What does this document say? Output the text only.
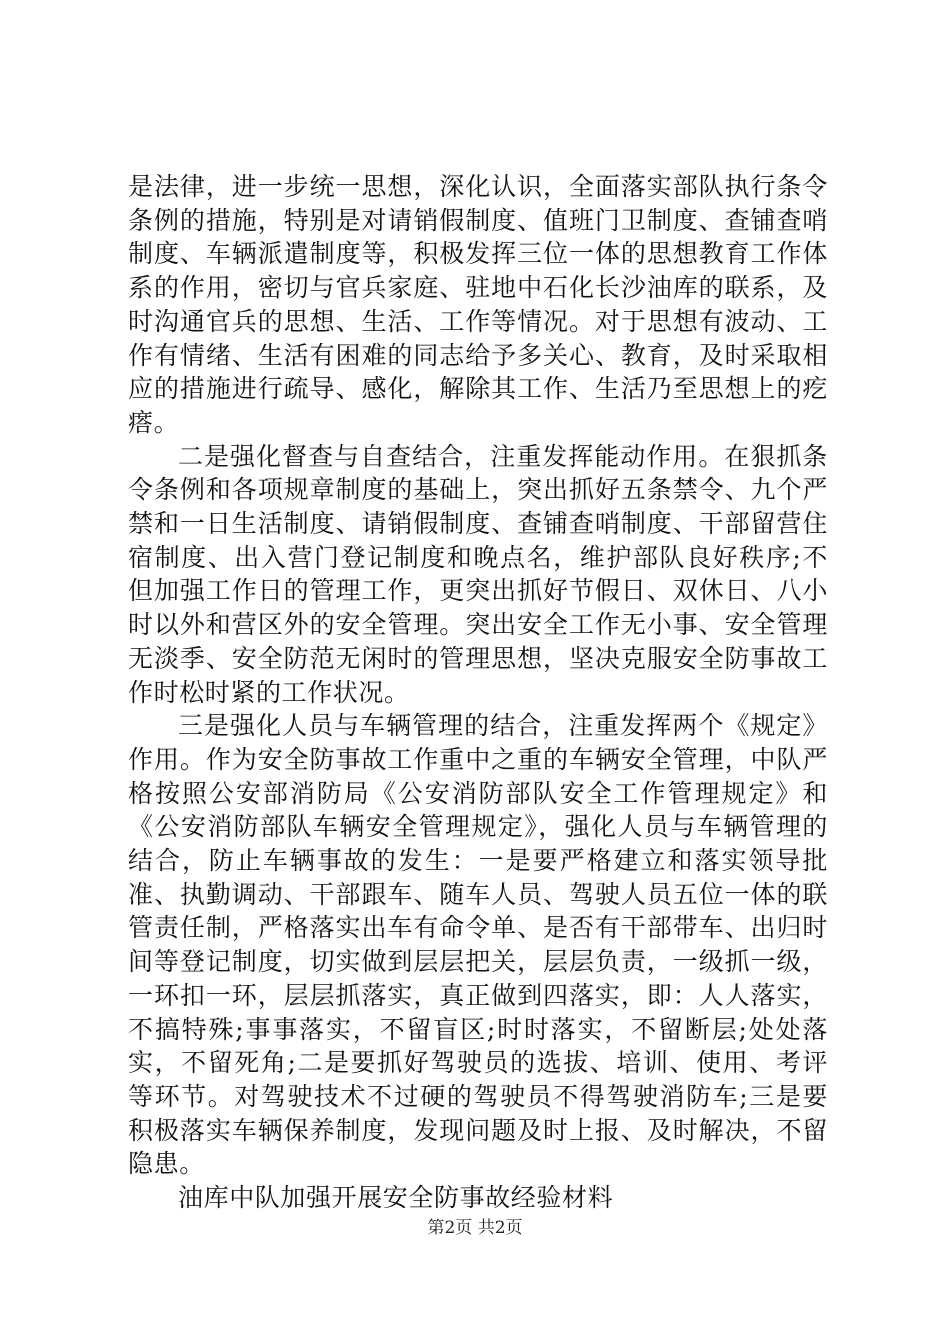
是法律，进一步统一思想，深化认识，全面落实部队执行条令条例的措施，特别是对请销假制度、值班门卫制度、查铺查哨制度、车辆派遣制度等，积极发挥三位一体的思想教育工作体系的作用，密切与官兵家庭、驻地中石化长沙油库的联系，及时沟通官兵的思想、生活、工作等情况。对于思想有波动、工作有情绪、生活有困难的同志给予多关心、教育，及时采取相应的措施进行疏导、感化，解除其工作、生活乃至思想上的疙瘩。

二是强化督查与自查结合，注重发挥能动作用。在狠抓条令条例和各项规章制度的基础上，突出抓好五条禁令、九个严禁和一日生活制度、请销假制度、查铺查哨制度、干部留营住宿制度、出入营门登记制度和晚点名，维护部队良好秩序;不但加强工作日的管理工作，更突出抓好节假日、双休日、八小时以外和营区外的安全管理。突出安全工作无小事、安全管理无淡季、安全防范无闲时的管理思想，坚决克服安全防事故工作时松时紧的工作状况。

三是强化人员与车辆管理的结合，注重发挥两个《规定》作用。作为安全防事故工作重中之重的车辆安全管理，中队严格按照公安部消防局《公安消防部队安全工作管理规定》和《公安消防部队车辆安全管理规定》，强化人员与车辆管理的结合，防止车辆事故的发生：一是要严格建立和落实领导批准、执勤调动、干部跟车、随车人员、驾驶人员五位一体的联管责任制，严格落实出车有命令单、是否有干部带车、出归时间等登记制度，切实做到层层把关，层层负责，一级抓一级，一环扣一环，层层抓落实，真正做到四落实，即：人人落实，不搞特殊;事事落实，不留盲区;时时落实，不留断层;处处落实，不留死角;二是要抓好驾驶员的选拔、培训、使用、考评等环节。对驾驶技术不过硬的驾驶员不得驾驶消防车;三是要积极落实车辆保养制度，发现问题及时上报、及时解决，不留隐患。

油库中队加强开展安全防事故经验材料

第2页 共2页
